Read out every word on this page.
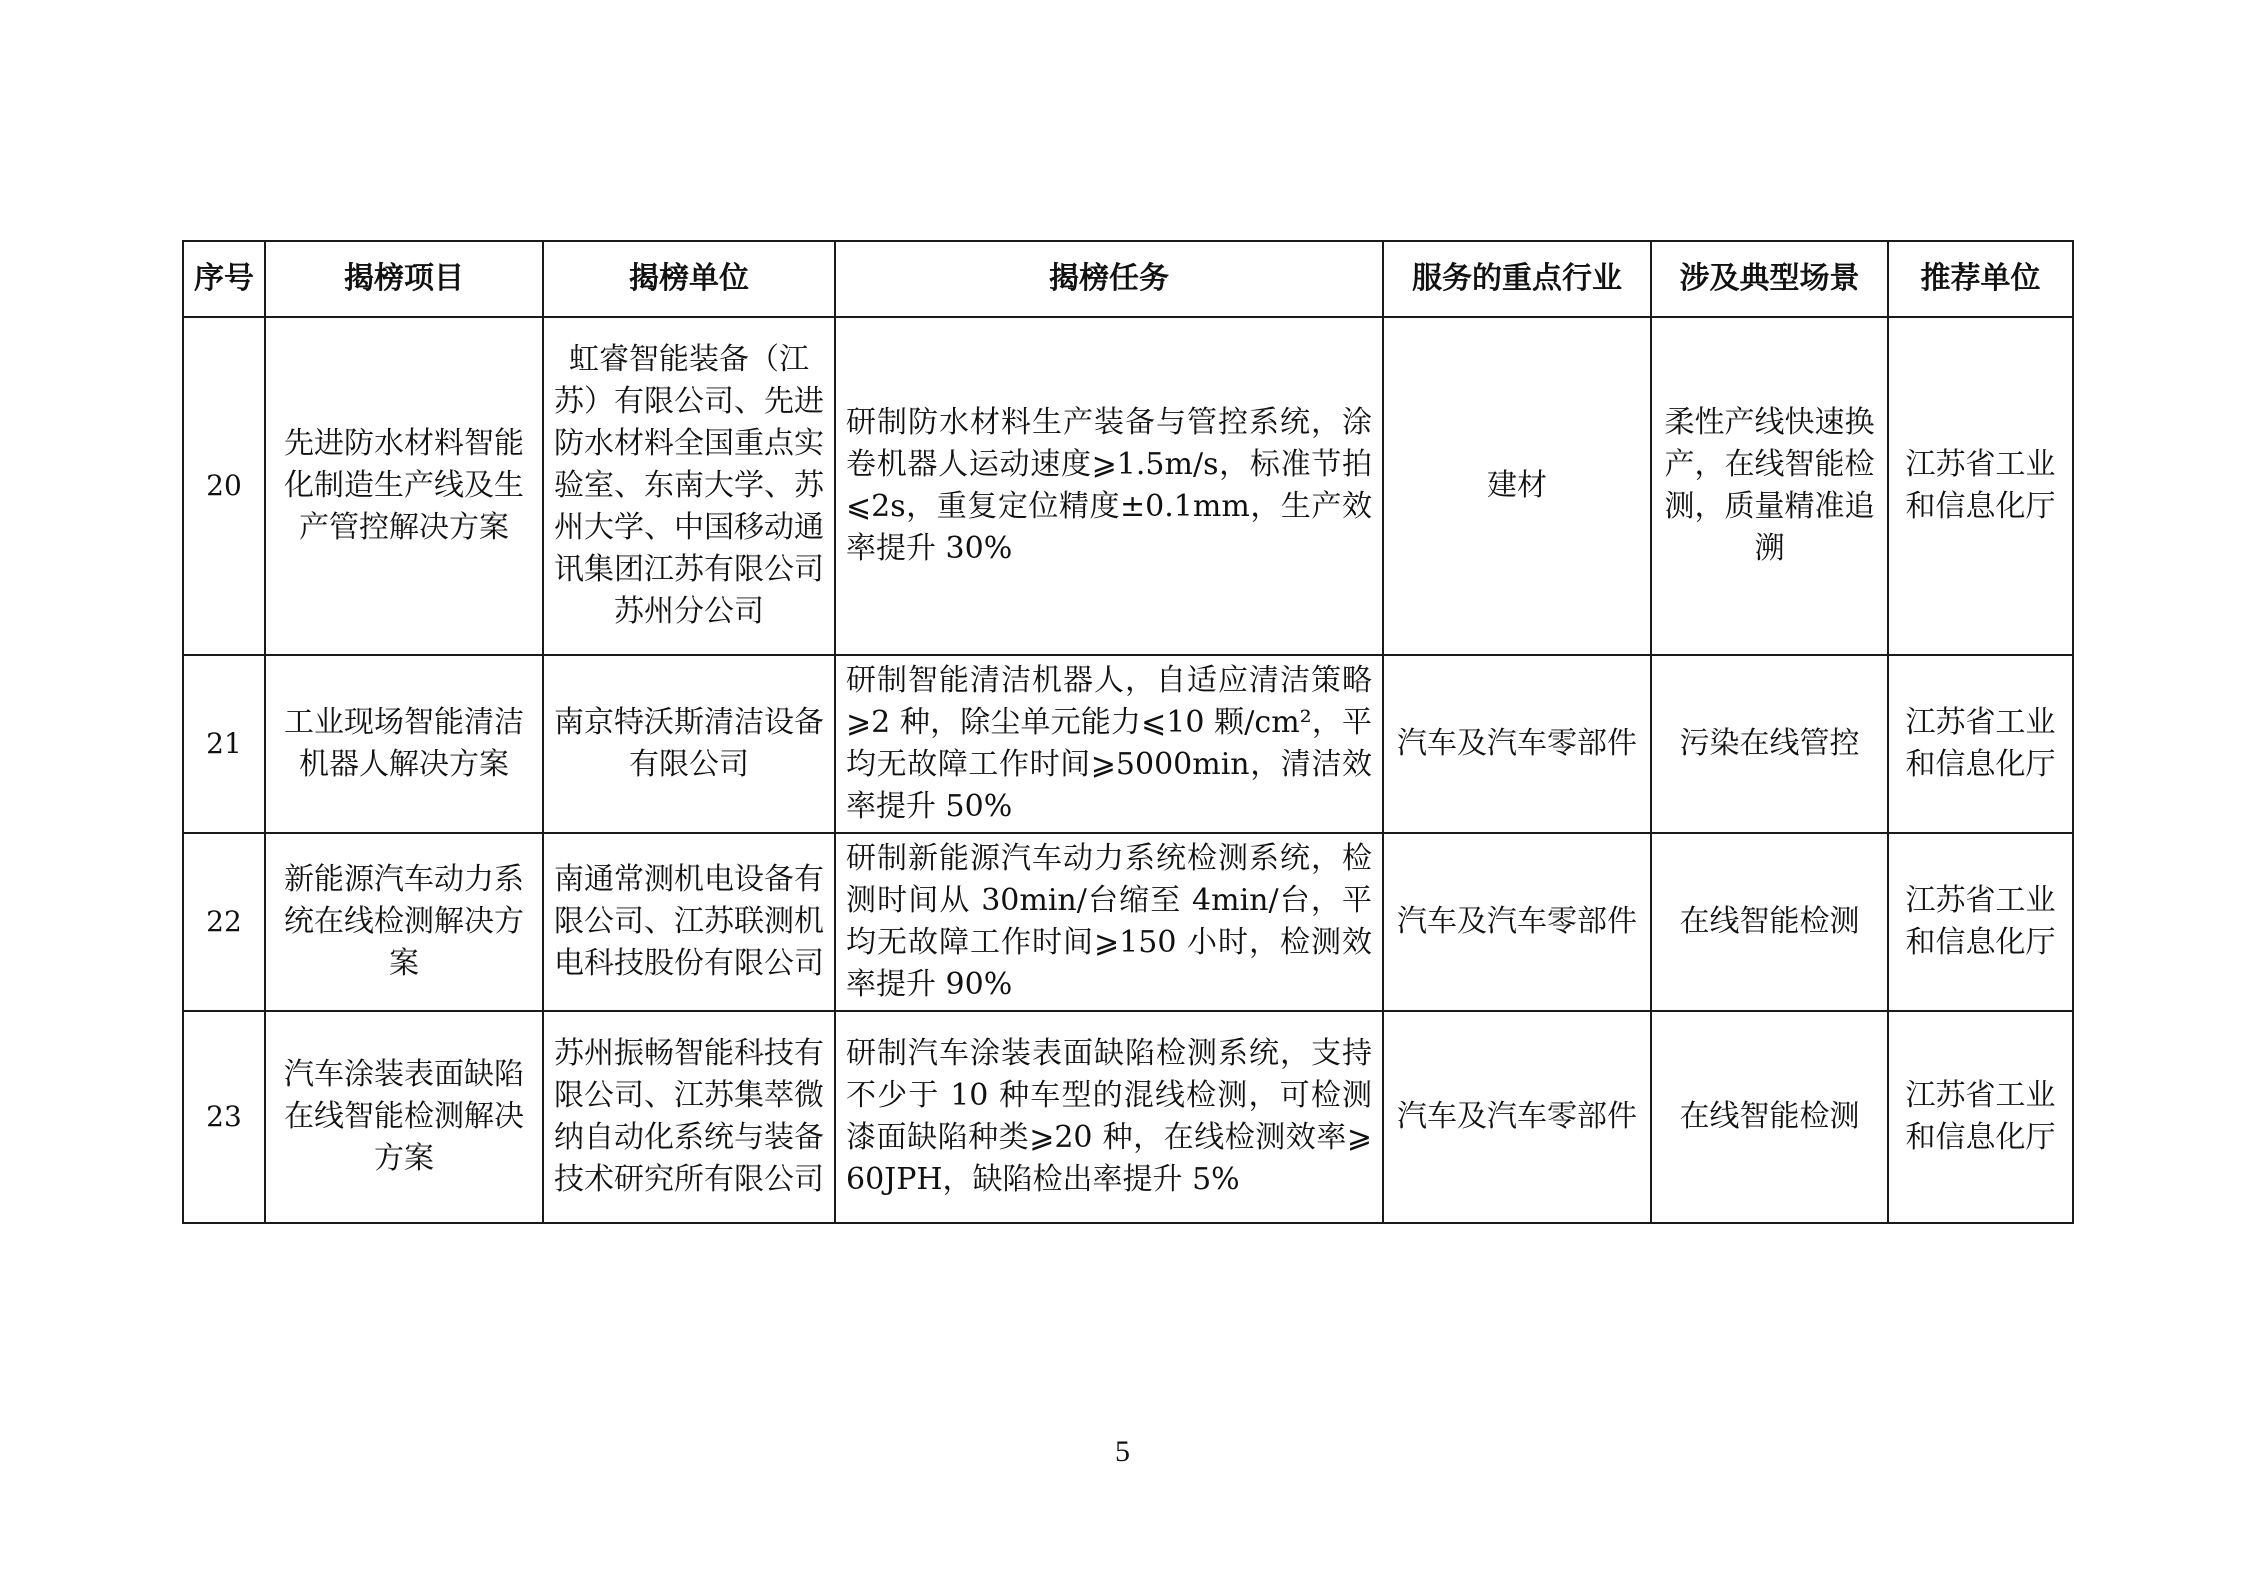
序号	揭榜项目	揭榜单位	揭榜任务	服务的重点行业	涉及典型场景	推荐单位
20	先进防水材料智能化制造生产线及生产管控解决方案	虹睿智能装备（江苏）有限公司、先进防水材料全国重点实验室、东南大学、苏州大学、中国移动通讯集团江苏有限公司苏州分公司	研制防水材料生产装备与管控系统，涂卷机器人运动速度⩾1.5m/s，标准节拍⩽2s，重复定位精度±0.1mm，生产效率提升 30%	建材	柔性产线快速换产，在线智能检测，质量精准追溯	江苏省工业和信息化厅
21	工业现场智能清洁机器人解决方案	南京特沃斯清洁设备有限公司	研制智能清洁机器人，自适应清洁策略⩾2 种，除尘单元能力⩽10 颗/cm²，平均无故障工作时间⩾5000min，清洁效率提升 50%	汽车及汽车零部件	污染在线管控	江苏省工业和信息化厅
22	新能源汽车动力系统在线检测解决方案	南通常测机电设备有限公司、江苏联测机电科技股份有限公司	研制新能源汽车动力系统检测系统，检测时间从 30min/台缩至 4min/台，平均无故障工作时间⩾150 小时，检测效率提升 90%	汽车及汽车零部件	在线智能检测	江苏省工业和信息化厅
23	汽车涂装表面缺陷在线智能检测解决方案	苏州振畅智能科技有限公司、江苏集萃微纳自动化系统与装备技术研究所有限公司	研制汽车涂装表面缺陷检测系统，支持不少于 10 种车型的混线检测，可检测漆面缺陷种类⩾20 种，在线检测效率⩾60JPH，缺陷检出率提升 5%	汽车及汽车零部件	在线智能检测	江苏省工业和信息化厅
5
